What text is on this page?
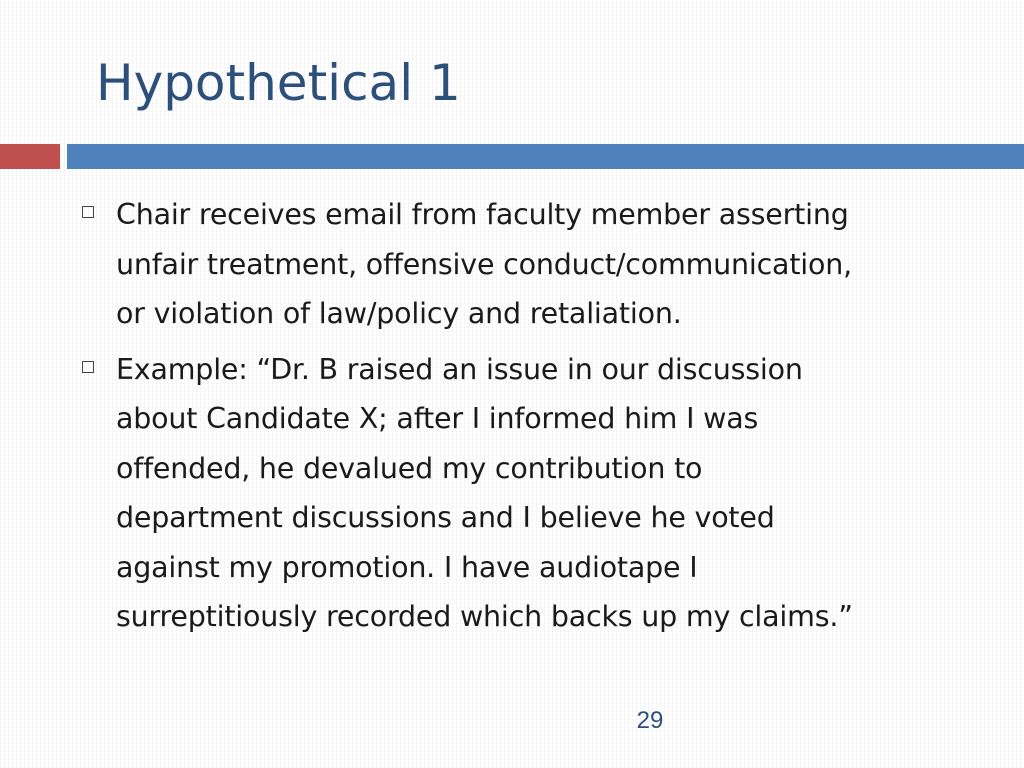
Hypothetical 1
Chair receives email from faculty member asserting
unfair treatment, offensive conduct/communication,
or violation of law/policy and retaliation.
Example: “Dr. B raised an issue in our discussion
about Candidate X; after I informed him I was
offended, he devalued my contribution to
department discussions and I believe he voted
against my promotion. I have audiotape I
surreptitiously recorded which backs up my claims.”
29
